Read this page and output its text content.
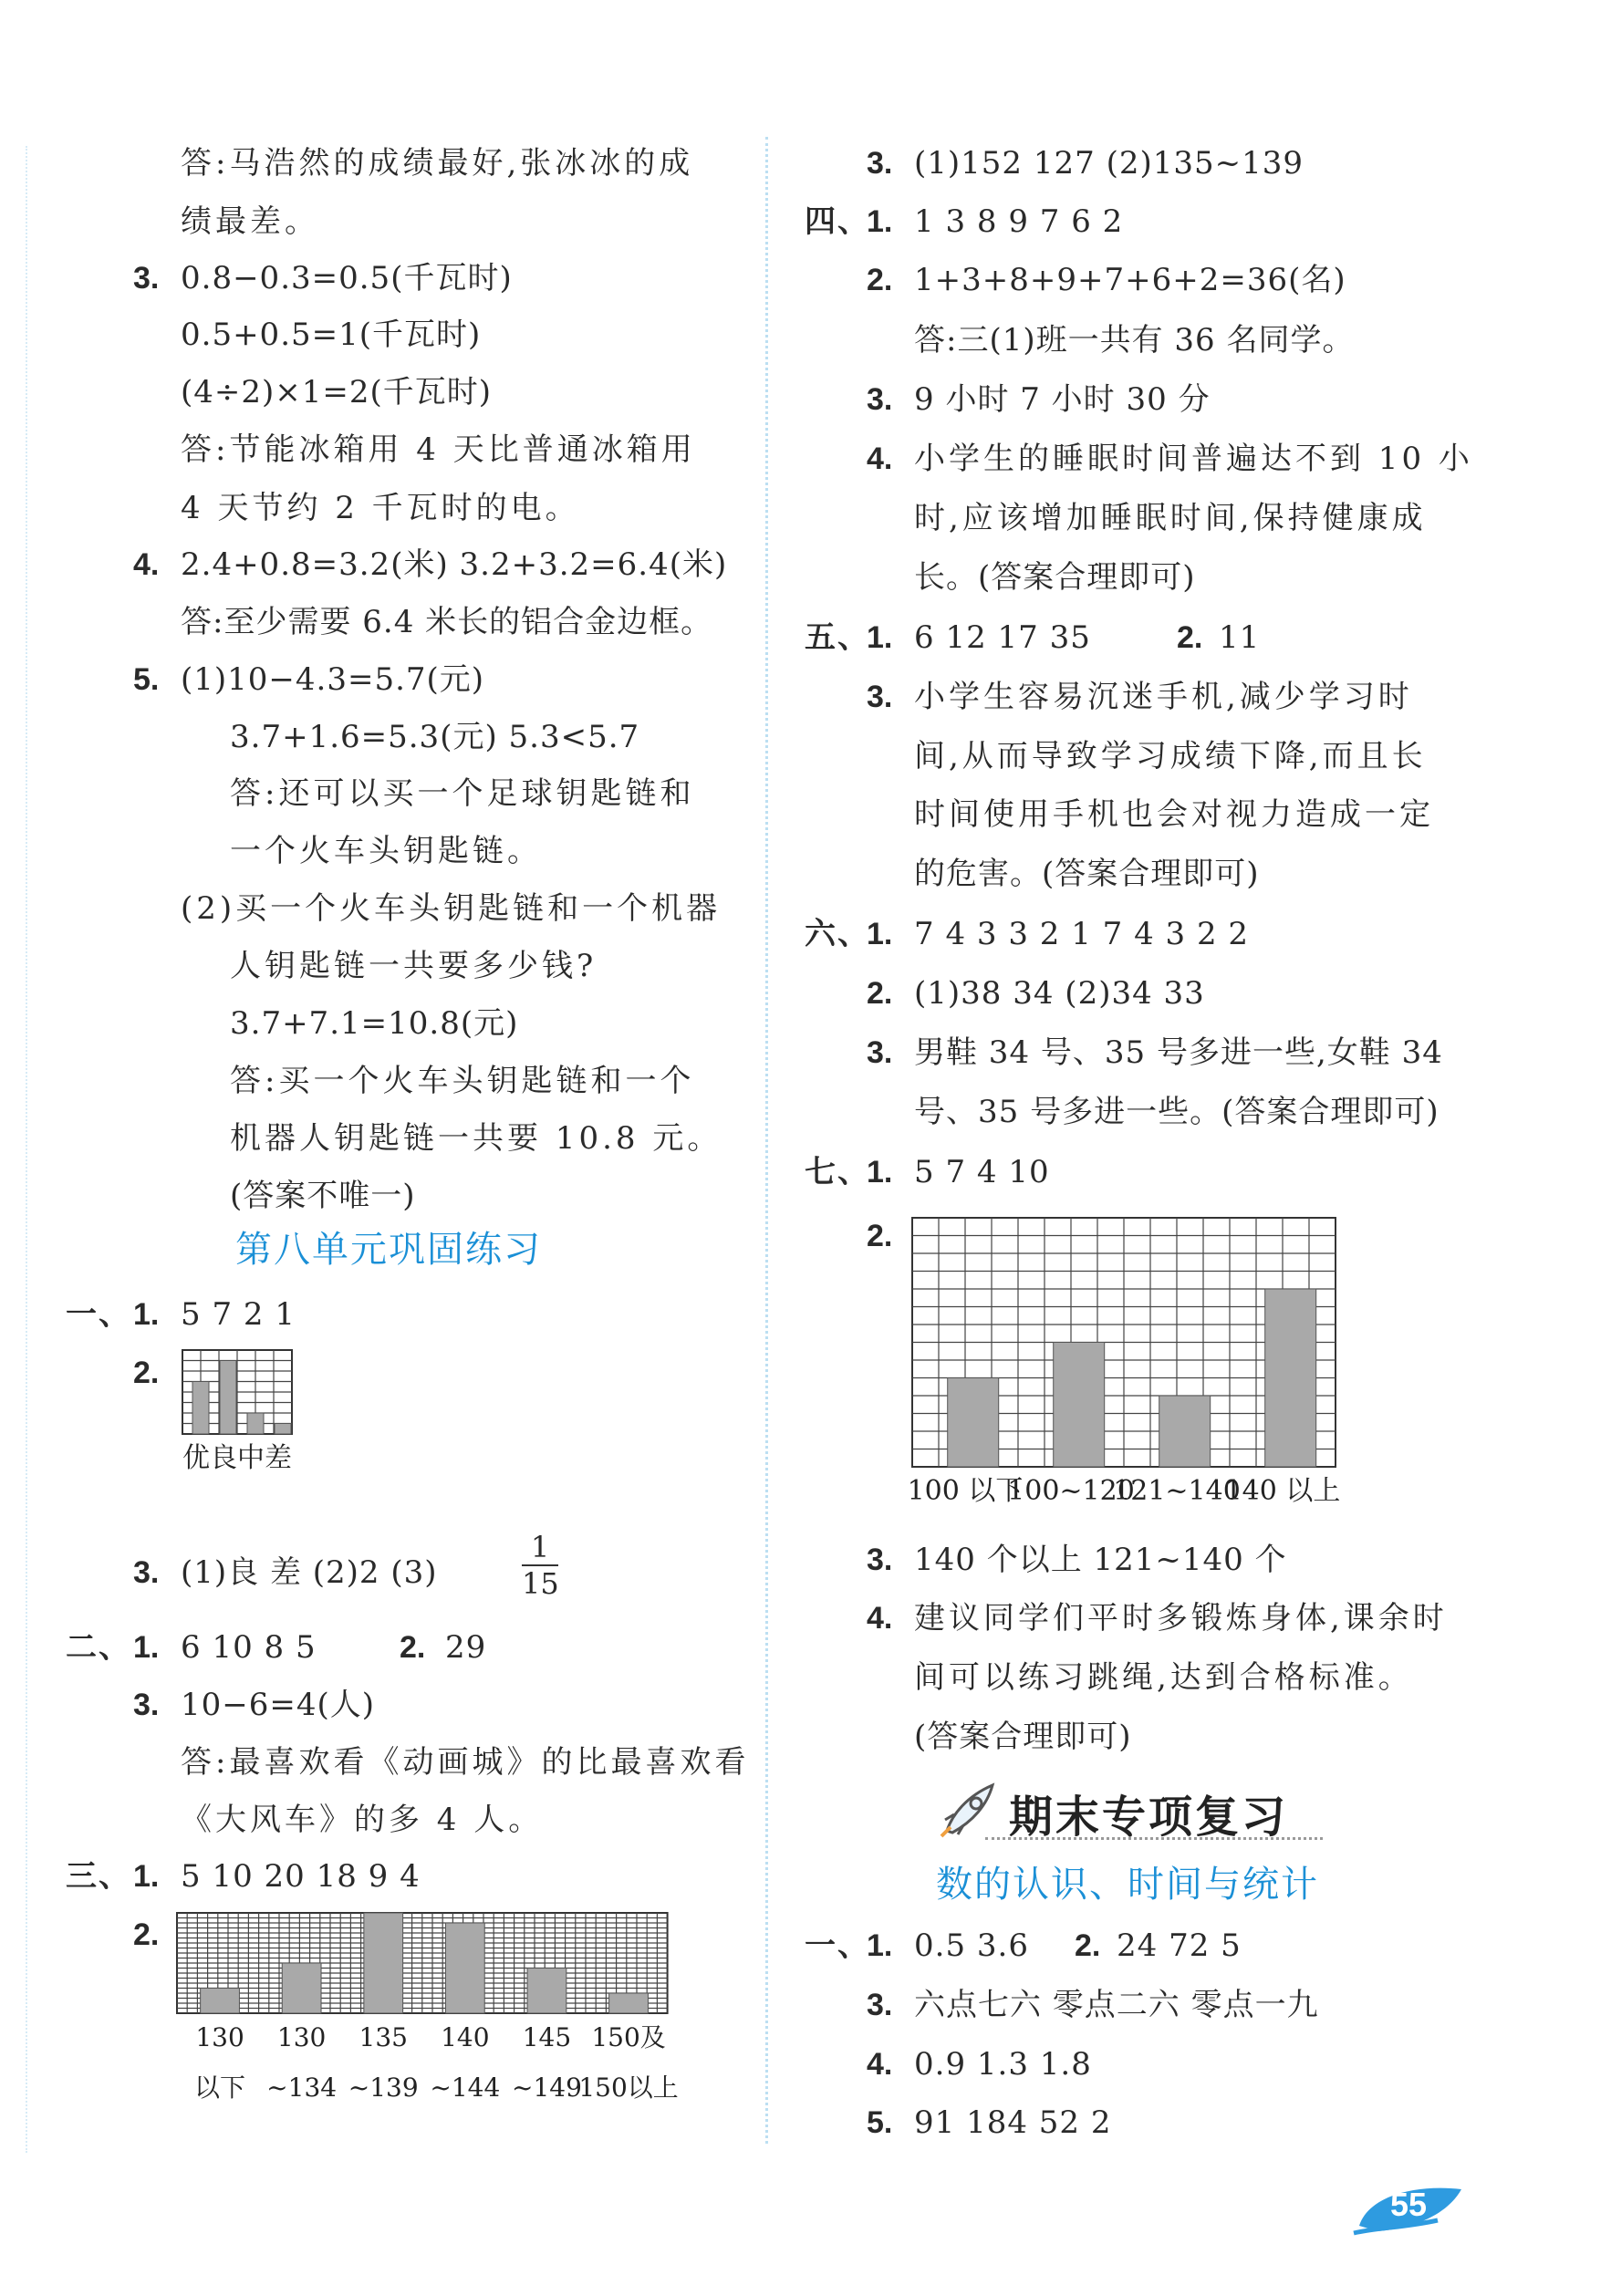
答:马浩然的成绩最好,张冰冰的成
绩最差。
3. 0.8−0.3=0.5(千瓦时)
0.5+0.5=1(千瓦时)
(4÷2)×1=2(千瓦时)
答:节能冰箱用 4 天比普通冰箱用
4 天节约 2 千瓦时的电。
4. 2.4+0.8=3.2(米) 3.2+3.2=6.4(米)
答:至少需要 6.4 米长的铝合金边框。
5. (1)10−4.3=5.7(元)
3.7+1.6=5.3(元) 5.3<5.7
答:还可以买一个足球钥匙链和
一个火车头钥匙链。
(2)买一个火车头钥匙链和一个机器
人钥匙链一共要多少钱?
3.7+7.1=10.8(元)
答:买一个火车头钥匙链和一个
机器人钥匙链一共要 10.8 元。
(答案不唯一)
第八单元巩固练习
一、 1. 5 7 2 1
2.
优 良 中 差
3. (1)良 差 (2)2 (3)	$\frac{1}{15}$
二、 1. 6 10 8 5	2. 29
3. 10−6=4(人)
答:最喜欢看《动画城》的比最喜欢看
《大风车》的多 4 人。
三、 1. 5 10 20 18 9 4
2.
130
以下
130
~134
135
~139
140
~144
145
~149
150及
150以上
3. (1)152 127 (2)135~139
四、
1. 1 3 8 9 7 6 2
2. 1+3+8+9+7+6+2=36(名)
答:三(1)班一共有 36 名同学。
3. 9 小时 7 小时 30 分
4. 小学生的睡眠时间普遍达不到 10 小
时,应该增加睡眠时间,保持健康成
长。(答案合理即可)
五、
1. 6 12 17 35	2. 11
3. 小学生容易沉迷手机,减少学习时
间,从而导致学习成绩下降,而且长
时间使用手机也会对视力造成一定
的危害。(答案合理即可)
六、
1. 7 4 3 3 2 1 7 4 3 2 2
2. (1)38 34 (2)34 33
3. 男鞋 34 号、35 号多进一些,女鞋 34
号、35 号多进一些。(答案合理即可)
七、
1. 5 7 4 10
2.
100 以下
100~120
121~140
140 以上
3. 140 个以上 121~140 个
4. 建议同学们平时多锻炼身体,课余时
间可以练习跳绳,达到合格标准。
(答案合理即可)
期末专项复习
数的认识、时间与统计
一、
1. 0.5 3.6 2. 24 72 5
3. 六点七六 零点二六 零点一九
4. 0.9 1.3 1.8
5. 91 184 52 2
55
